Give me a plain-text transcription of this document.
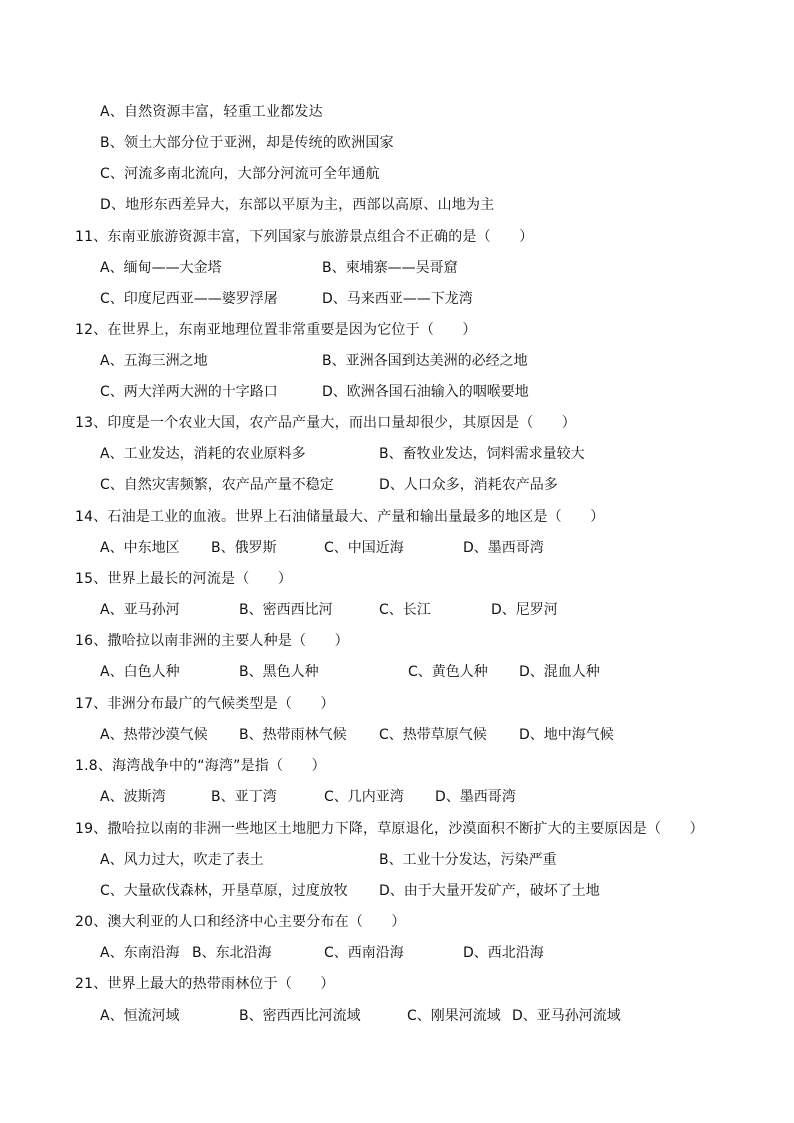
A、自然资源丰富，轻重工业都发达
B、领土大部分位于亚洲，却是传统的欧洲国家
C、河流多南北流向，大部分河流可全年通航
D、地形东西差异大，东部以平原为主，西部以高原、山地为主
11、东南亚旅游资源丰富，下列国家与旅游景点组合不正确的是（　　）
A、缅甸——大金塔	B、柬埔寨——吴哥窟
C、印度尼西亚——婆罗浮屠	D、马来西亚——下龙湾
12、在世界上，东南亚地理位置非常重要是因为它位于（　　）
A、五海三洲之地	B、亚洲各国到达美洲的必经之地
C、两大洋两大洲的十字路口	D、欧洲各国石油输入的咽喉要地
13、印度是一个农业大国，农产品产量大，而出口量却很少，其原因是（　　）
A、工业发达，消耗的农业原料多	B、畜牧业发达，饲料需求量较大
C、自然灾害频繁，农产品产量不稳定	D、人口众多，消耗农产品多
14、石油是工业的血液。世界上石油储量最大、产量和输出量最多的地区是（　　）
A、中东地区 B、俄罗斯	C、中国近海	D、墨西哥湾
15、世界上最长的河流是（　　）
A、亚马孙河	B、密西西比河	C、长江	D、尼罗河
16、撒哈拉以南非洲的主要人种是（　　）
A、白色人种	B、黑色人种	C、黄色人种 D、混血人种
17、非洲分布最广的气候类型是（　　）
A、热带沙漠气候 B、热带雨林气候 C、热带草原气候 D、地中海气候
1.8、海湾战争中的“海湾”是指（　　）
A、波斯湾	B、亚丁湾	C、几内亚湾 D、墨西哥湾
19、撒哈拉以南的非洲一些地区土地肥力下降，草原退化，沙漠面积不断扩大的主要原因是（　　）
A、风力过大，吹走了表土	B、工业十分发达，污染严重
C、大量砍伐森林，开垦草原，过度放牧 D、由于大量开发矿产，破坏了土地
20、澳大利亚的人口和经济中心主要分布在（　　）
A、东南沿海 B、东北沿海	C、西南沿海	D、西北沿海
21、世界上最大的热带雨林位于（　　）
A、恒流河域	B、密西西比河流域	C、刚果河流域 D、亚马孙河流域
